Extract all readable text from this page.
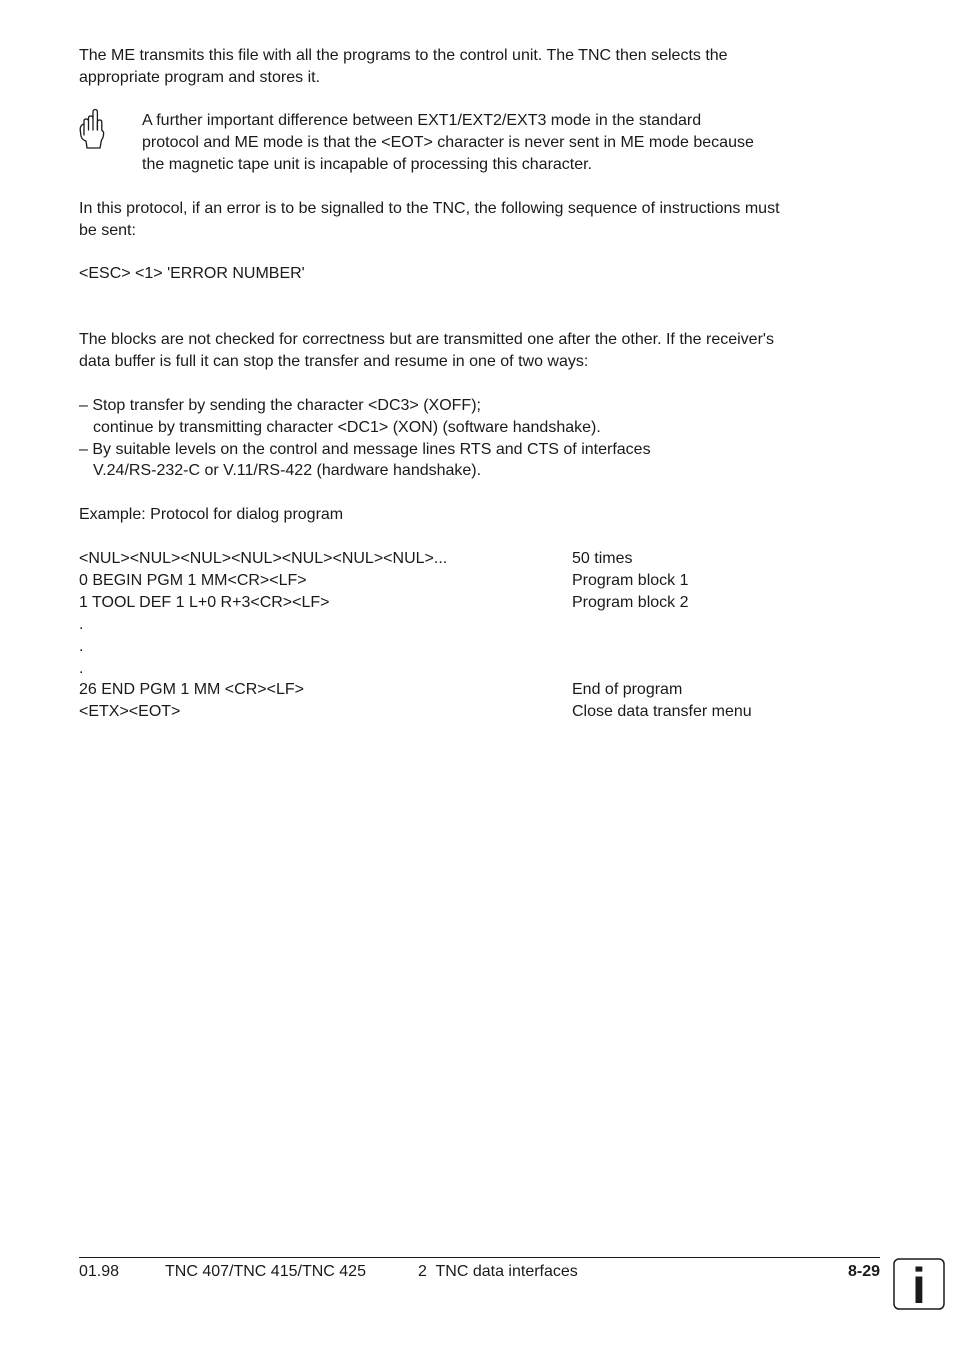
The ME transmits this file with all the programs to the control unit. The TNC then selects the
appropriate program and stores it.
A further important difference between EXT1/EXT2/EXT3 mode in the standard
protocol and ME mode is that the <EOT> character is never sent in ME mode because
the magnetic tape unit is incapable of processing this character.
In this protocol, if an error is to be signalled to the TNC, the following sequence of instructions must
be sent:
<ESC> <1> 'ERROR NUMBER'
The blocks are not checked for correctness but are transmitted one after the other. If the receiver's
data buffer is full it can stop the transfer and resume in one of two ways:
– Stop transfer by sending the character <DC3> (XOFF);
continue by transmitting character <DC1> (XON) (software handshake).
– By suitable levels on the control and message lines RTS and CTS of interfaces
V.24/RS-232-C or V.11/RS-422 (hardware handshake).
Example: Protocol for dialog program
<NUL><NUL><NUL><NUL><NUL><NUL><NUL>...	50 times
0 BEGIN PGM 1 MM<CR><LF>	Program block 1
1 TOOL DEF 1 L+0 R+3<CR><LF>	Program block 2
.
.
.
26 END PGM 1 MM <CR><LF>	End of program
<ETX><EOT>	Close data transfer menu
01.98	TNC 407/TNC 415/TNC 425	2  TNC data interfaces	8-29 i
